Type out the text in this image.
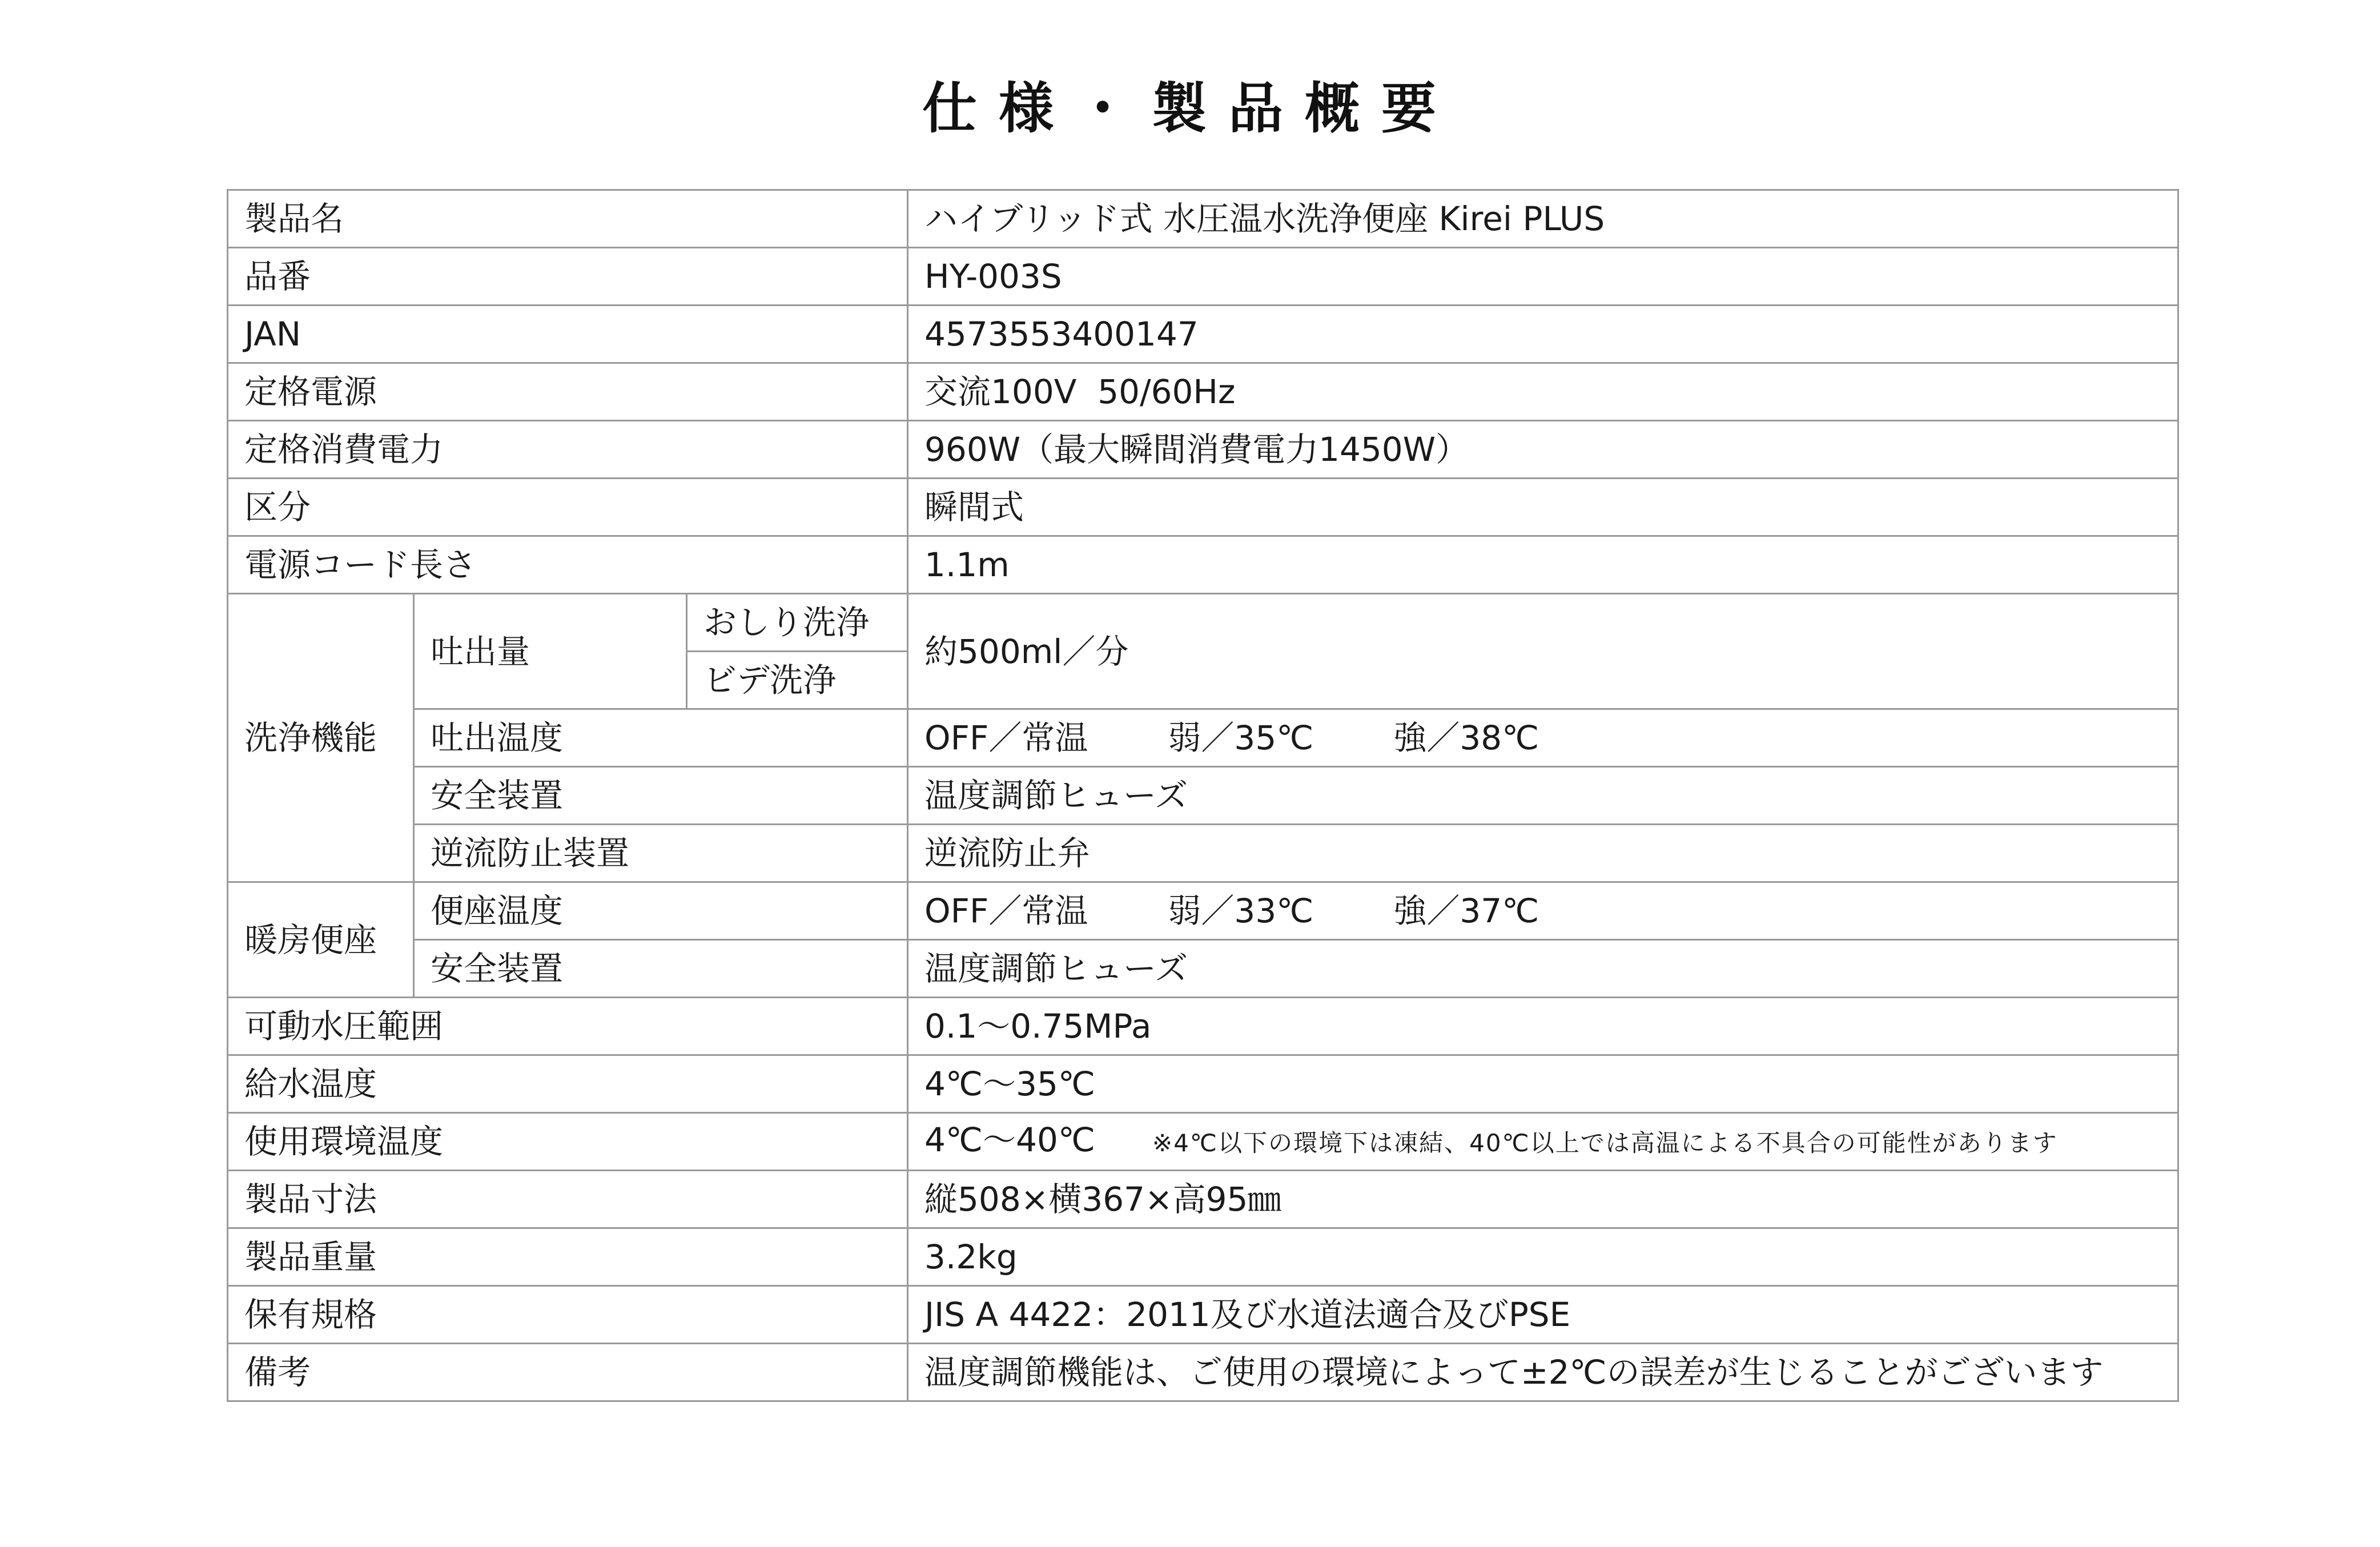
仕様・製品概要
製品名			ハイブリッド式 水圧温水洗浄便座 Kirei PLUS
品番			HY-003S
JAN			4573553400147
定格電源			交流100V  50/60Hz
定格消費電力			960W（最大瞬間消費電力1450W）
区分			瞬間式
電源コード長さ			1.1m
洗浄機能	吐出量	おしり洗浄	約500ml／分
		ビデ洗浄	
	吐出温度		OFF／常温 弱／35℃ 強／38℃
	安全装置		温度調節ヒューズ
	逆流防止装置		逆流防止弁
暖房便座	便座温度		OFF／常温 弱／33℃ 強／37℃
	安全装置		温度調節ヒューズ
可動水圧範囲			0.1～0.75MPa
給水温度			4℃～35℃
使用環境温度			4℃～40℃ ※4℃以下の環境下は凍結、40℃以上では高温による不具合の可能性があります
製品寸法			縦508×横367×高95㎜
製品重量			3.2kg
保有規格			JIS A 4422：2011及び水道法適合及びPSE
備考			温度調節機能は、ご使用の環境によって±2℃の誤差が生じることがございます
